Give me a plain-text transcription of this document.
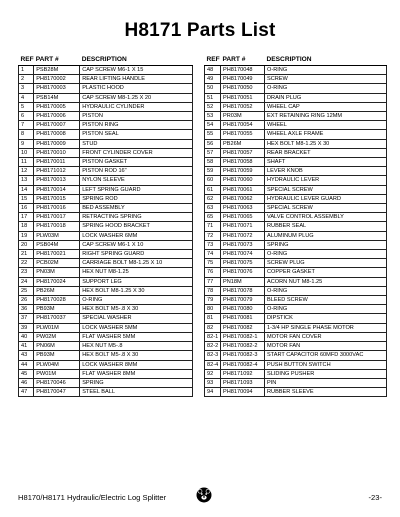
H8171 Parts List
REF	PART #	DESCRIPTION
1	PSB28M	CAP SCREW M6-1 X 15
2	PH8170002	REAR LIFTING HANDLE
3	PH8170003	PLASTIC HOOD
4	PSB14M	CAP SCREW M8-1.25 X 20
5	PH8170005	HYDRAULIC CYLINDER
6	PH8170006	PISTON
7	PH8170007	PISTON RING
8	PH8170008	PISTON SEAL
9	PH8170009	STUD
10	PH8170010	FRONT CYLINDER COVER
11	PH8170011	PISTON GASKET
12	PH8171012	PISTON ROD 16"
13	PH8170013	NYLON SLEEVE
14	PH8170014	LEFT SPRING GUARD
15	PH8170015	SPRING ROD
16	PH8170016	BED ASSEMBLY
17	PH8170017	RETRACTING SPRING
18	PH8170018	SPRING HOOD BRACKET
19	PLW03M	LOCK WASHER 6MM
20	PSB04M	CAP SCREW M6-1 X 10
21	PH8170021	RIGHT SPRING GUARD
22	PCB02M	CARRIAGE BOLT M8-1.25 X 10
23	PN03M	HEX NUT M8-1.25
24	PH8170024	SUPPORT LEG
25	PB26M	HEX BOLT M8-1.25 X 30
26	PH8170028	O-RING
36	PB93M	HEX BOLT M5-.8 X 30
37	PH8170037	SPECIAL WASHER
39	PLW01M	LOCK WASHER 5MM
40	PW02M	FLAT WASHER 5MM
41	PN06M	HEX NUT M5-.8
43	PB93M	HEX BOLT M5-.8 X 30
44	PLW04M	LOCK WASHER 8MM
45	PW01M	FLAT WASHER 8MM
46	PH8170046	SPRING
47	PH8170047	STEEL BALL
REF	PART #	DESCRIPTION
48	PH8170048	O-RING
49	PH8170049	SCREW
50	PH8170050	O-RING
51	PH8170051	DRAIN PLUG
52	PH8170052	WHEEL CAP
53	PR03M	EXT RETAINING RING 12MM
54	PH8170054	WHEEL
55	PH8170055	WHEEL AXLE FRAME
56	PB26M	HEX BOLT M8-1.25 X 30
57	PH8170057	REAR BRACKET
58	PH8170058	SHAFT
59	PH8170059	LEVER KNOB
60	PH8170060	HYDRAULIC LEVER
61	PH8170061	SPECIAL SCREW
62	PH8170062	HYDRAULIC LEVER GUARD
63	PH8170063	SPECIAL SCREW
65	PH8170065	VALVE CONTROL ASSEMBLY
71	PH8170071	RUBBER SEAL
72	PH8170072	ALUMINUM PLUG
73	PH8170073	SPRING
74	PH8170074	O-RING
75	PH8170075	SCREW PLUG
76	PH8170076	COPPER GASKET
77	PN18M	ACORN NUT M8-1.25
78	PH8170078	O-RING
79	PH8170079	BLEED SCREW
80	PH8170080	O-RING
81	PH8170081	DIPSTICK
82	PH8170082	1-3/4 HP SINGLE PHASE MOTOR
82-1	PH8170082-1	MOTOR FAN COVER
82-2	PH8170082-2	MOTOR FAN
82-3	PH8170082-3	START CAPACITOR 60MFD 3000VAC
82-4	PH8170082-4	PUSH BUTTON SWITCH
92	PH8171092	SLIDING PUSHER
93	PH8171093	PIN
94	PH8170094	RUBBER SLEEVE
H8170/H8171 Hydraulic/Electric Log Splitter	-23-
